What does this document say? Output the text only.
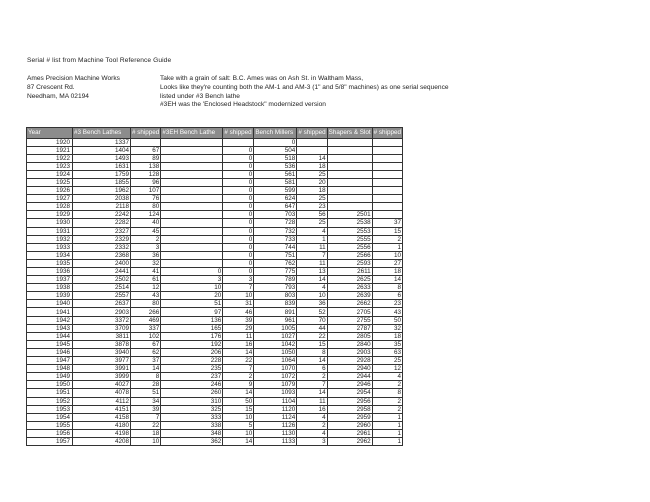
Serial # list from Machine Tool Reference Guide
Ames Precision Machine Works
87 Crescent Rd.
Needham, MA 02194
Take with a grain of salt: B.C. Ames was on Ash St. in Waltham Mass,
Looks like they're counting both the AM-1 and AM-3 (1" and 5/8" machines) as one serial sequence
listed under #3 Bench lathe
#3EH was the 'Enclosed Headstock" modernized version
Year	#3 Bench Lathes	# shipped	#3EH Bench Lathe	# shipped	Bench Millers	# shipped	Shapers & Slot	# shipped
1920	1337				0			
1921	1404	67		0	504			
1922	1493	89		0	518	14		
1923	1631	138		0	536	18		
1924	1759	128		0	561	25		
1925	1855	96		0	581	20		
1926	1962	107		0	599	18		
1927	2038	76		0	624	25		
1928	2118	80		0	647	23		
1929	2242	124		0	703	56	2501	
1930	2282	40		0	728	25	2538	37
1931	2327	45		0	732	4	2553	15
1932	2329	2		0	733	1	2555	2
1933	2332	3		0	744	11	2556	1
1934	2368	36		0	751	7	2566	10
1935	2400	32		0	762	11	2593	27
1936	2441	41	0	0	775	13	2611	18
1937	2502	61	3	3	789	14	2625	14
1938	2514	12	10	7	793	4	2633	8
1939	2557	43	20	10	803	10	2639	6
1940	2637	80	51	31	839	36	2662	23
1941	2903	266	97	46	891	52	2705	43
1942	3372	469	136	39	961	70	2755	50
1943	3709	337	165	29	1005	44	2787	32
1944	3811	102	176	11	1027	22	2805	18
1945	3878	67	192	16	1042	15	2840	35
1946	3940	62	206	14	1050	8	2903	63
1947	3977	37	228	22	1064	14	2928	25
1948	3991	14	235	7	1070	6	2940	12
1949	3999	8	237	2	1072	2	2944	4
1950	4027	28	246	9	1079	7	2946	2
1951	4078	51	260	14	1093	14	2954	8
1952	4112	34	310	50	1104	11	2956	2
1953	4151	39	325	15	1120	16	2958	2
1954	4158	7	333	10	1124	4	2959	1
1955	4180	22	338	5	1126	2	2960	1
1956	4198	18	348	10	1130	4	2961	1
1957	4208	10	362	14	1133	3	2962	1
